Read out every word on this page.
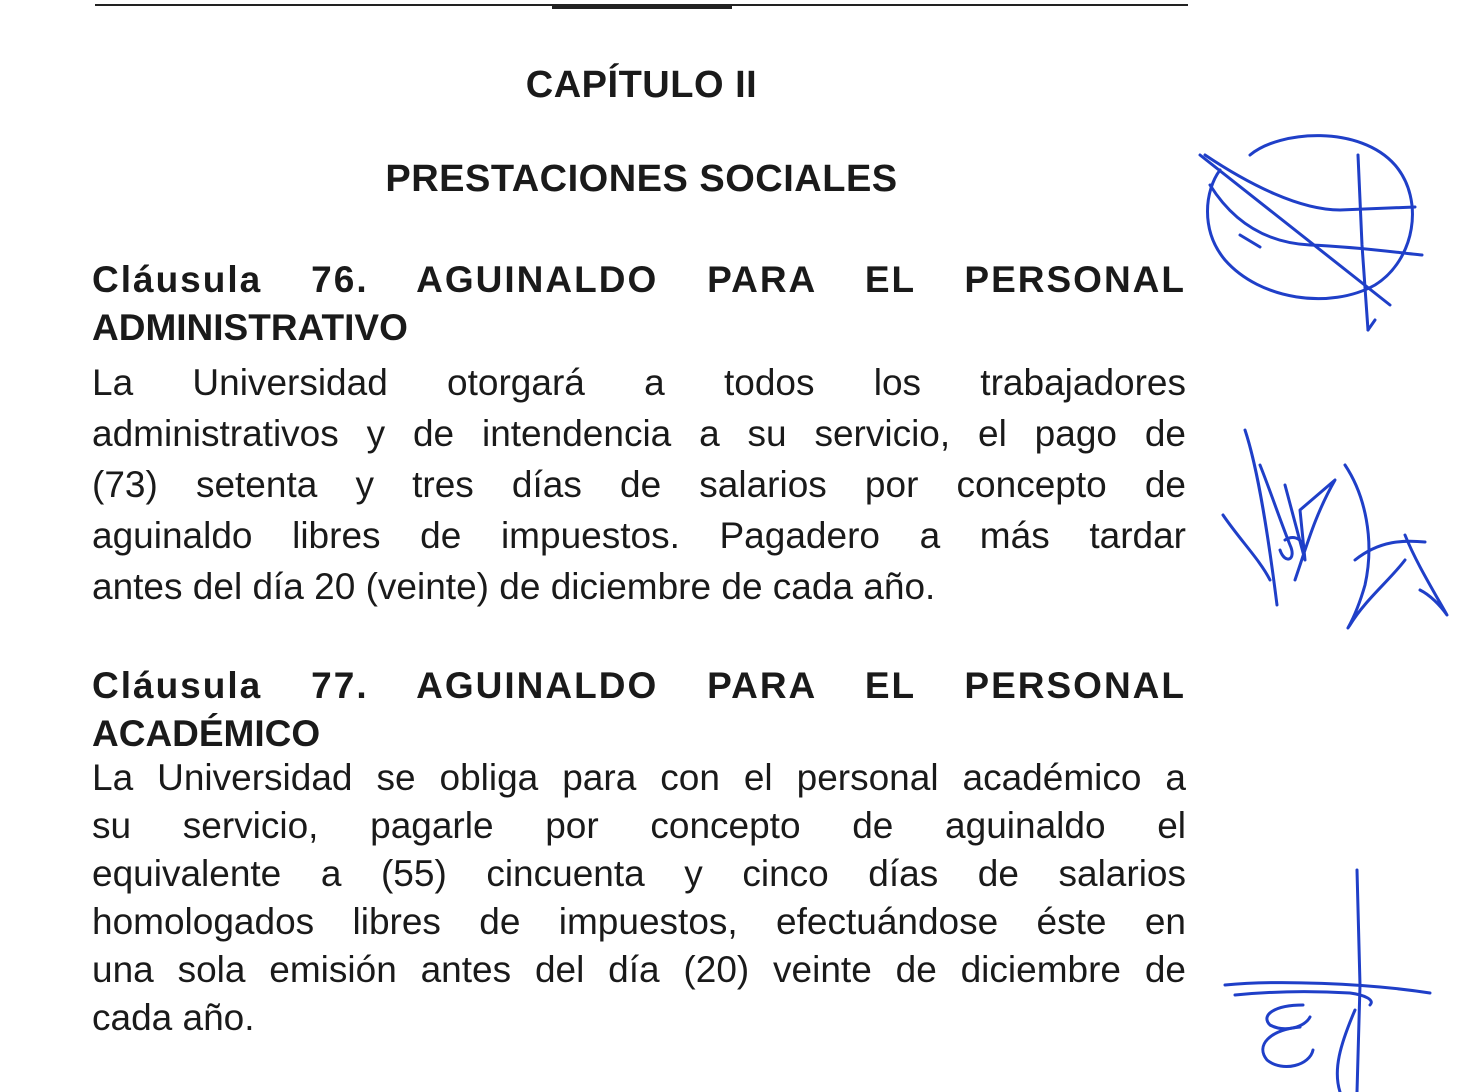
CAPÍTULO II
PRESTACIONES SOCIALES
Cláusula 76. AGUINALDO PARA EL PERSONAL
ADMINISTRATIVO
La Universidad otorgará a todos los trabajadores
administrativos y de intendencia a su servicio, el pago de
(73) setenta y tres días de salarios por concepto de
aguinaldo libres de impuestos. Pagadero a más tardar
antes del día 20 (veinte) de diciembre de cada año.
Cláusula 77. AGUINALDO PARA EL PERSONAL
ACADÉMICO
La Universidad se obliga para con el personal académico a
su servicio, pagarle por concepto de aguinaldo el
equivalente a (55) cincuenta y cinco días de salarios
homologados libres de impuestos, efectuándose éste en
una sola emisión antes del día (20) veinte de diciembre de
cada año.
